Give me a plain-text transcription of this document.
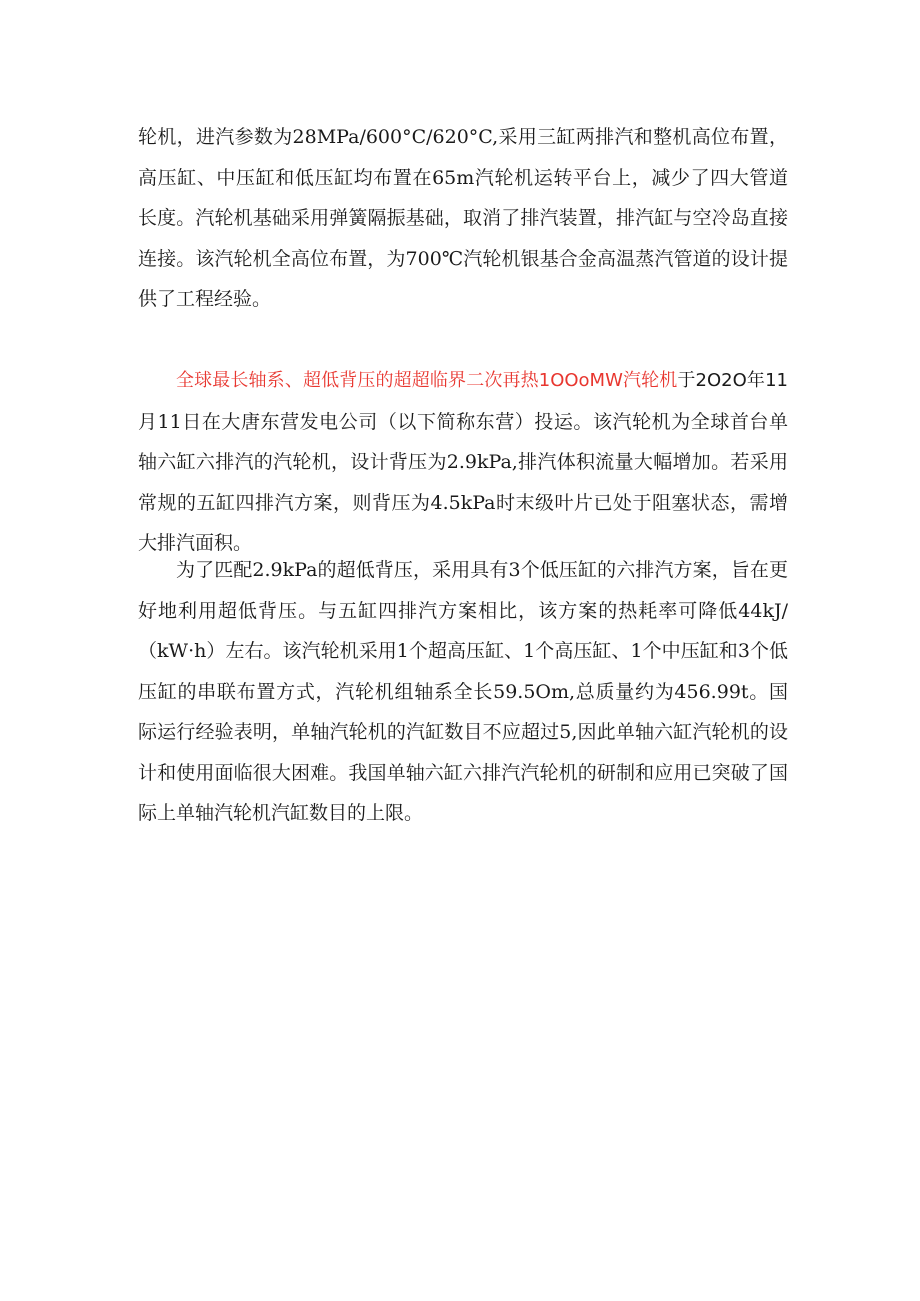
轮机，进汽参数为28MPa/600°C/620°C,采用三缸两排汽和整机高位布置，高压缸、中压缸和低压缸均布置在65m汽轮机运转平台上，减少了四大管道长度。汽轮机基础采用弹簧隔振基础，取消了排汽装置，排汽缸与空冷岛直接连接。该汽轮机全高位布置，为700℃汽轮机银基合金高温蒸汽管道的设计提供了工程经验。

全球最长轴系、超低背压的超超临界二次再热1OOoMW汽轮机于2O2O年11月11日在大唐东营发电公司（以下简称东营）投运。该汽轮机为全球首台单轴六缸六排汽的汽轮机，设计背压为2.9kPa,排汽体积流量大幅增加。若采用常规的五缸四排汽方案，则背压为4.5kPa时末级叶片已处于阻塞状态，需增大排汽面积。

为了匹配2.9kPa的超低背压，采用具有3个低压缸的六排汽方案，旨在更好地利用超低背压。与五缸四排汽方案相比，该方案的热耗率可降低44kJ/（kW·h）左右。该汽轮机采用1个超高压缸、1个高压缸、1个中压缸和3个低压缸的串联布置方式，汽轮机组轴系全长59.5Om,总质量约为456.99t。国际运行经验表明，单轴汽轮机的汽缸数目不应超过5,因此单轴六缸汽轮机的设计和使用面临很大困难。我国单轴六缸六排汽汽轮机的研制和应用已突破了国际上单轴汽轮机汽缸数目的上限。
